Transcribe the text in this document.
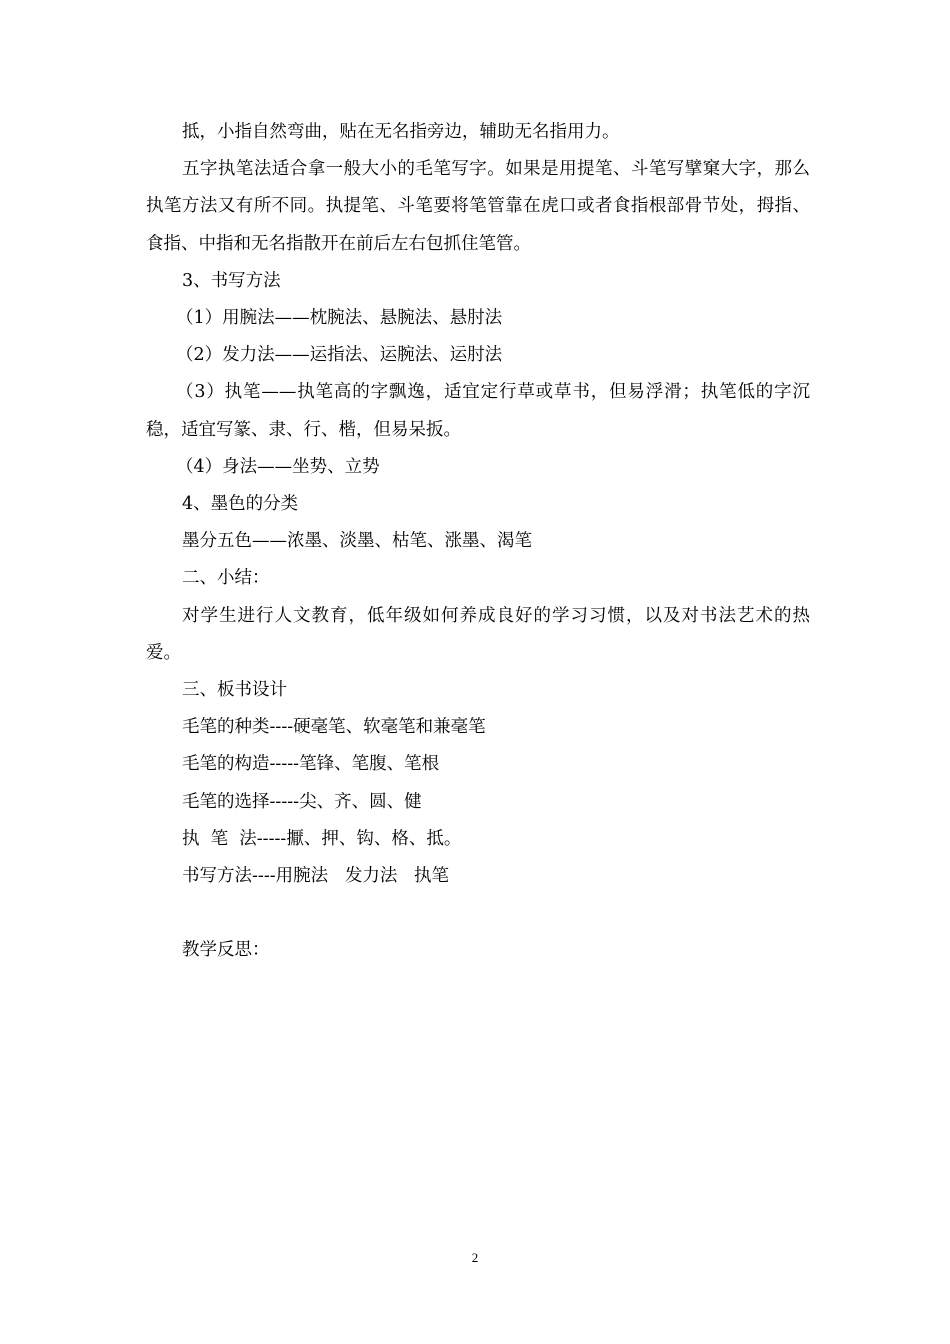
抵，小指自然弯曲，贴在无名指旁边，辅助无名指用力。

五字执笔法适合拿一般大小的毛笔写字。如果是用提笔、斗笔写擘窠大字，那么执笔方法又有所不同。执提笔、斗笔要将笔管靠在虎口或者食指根部骨节处，拇指、食指、中指和无名指散开在前后左右包抓住笔管。

3、书写方法

（1）用腕法——枕腕法、悬腕法、悬肘法

（2）发力法——运指法、运腕法、运肘法

（3）执笔——执笔高的字飘逸，适宜定行草或草书，但易浮滑；执笔低的字沉稳，适宜写篆、隶、行、楷，但易呆扳。

（4）身法——坐势、立势

4、墨色的分类

墨分五色——浓墨、淡墨、枯笔、涨墨、渴笔

二、小结：

对学生进行人文教育，低年级如何养成良好的学习习惯，以及对书法艺术的热爱。

三、板书设计

毛笔的种类----硬毫笔、软毫笔和兼毫笔

毛笔的构造-----笔锋、笔腹、笔根

毛笔的选择-----尖、齐、圆、健

执  笔  法-----擫、押、钩、格、抵。

书写方法----用腕法   发力法   执笔

教学反思：

2
